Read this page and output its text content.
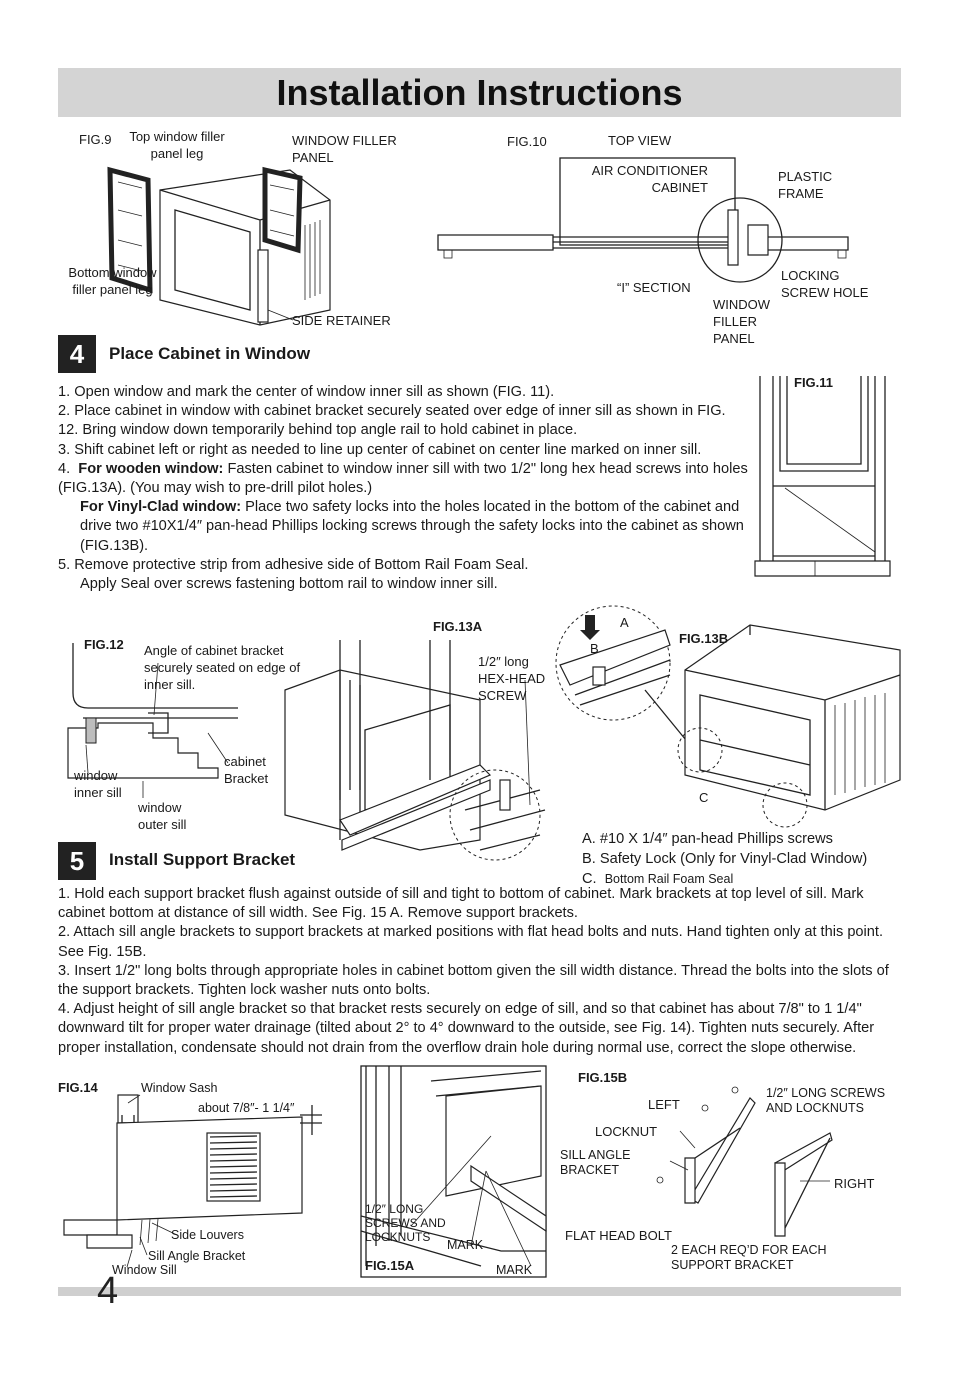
Installation Instructions
FIG.9	Top window filler panel leg
WINDOW FILLER PANEL
Bottom window filler panel leg
SIDE RETAINER
FIG.10	TOP VIEW
AIR CONDITIONER CABINET
PLASTIC FRAME
LOCKING SCREW HOLE
“I” SECTION
WINDOW FILLER PANEL
4	Place Cabinet in Window

1. Open window and mark the center of window inner sill as shown (FIG. 11).

2. Place cabinet in window with cabinet bracket securely seated over edge of inner sill as shown in FIG. 12. Bring window down temporarily behind top angle rail to hold cabinet in place.

3. Shift cabinet left or right as needed to line up center of cabinet on center line marked on inner sill.

4.  For wooden window: Fasten cabinet to window inner sill with two 1/2" long hex head screws into holes (FIG.13A). (You may wish to pre-drill pilot holes.)

For Vinyl-Clad window: Place two safety locks into the holes located in the bottom of the cabinet and drive two #10X1/4″ pan-head Phillips locking screws through the safety locks into the cabinet as shown (FIG.13B).

5. Remove protective strip from adhesive side of Bottom Rail Foam Seal.

Apply Seal over screws fastening bottom rail to window inner sill.

FIG.11
FIG.12 Angle of cabinet bracket securely seated on edge of inner sill.
cabinet Bracket
window inner sill
window outer sill
FIG.13A
1/2″ long HEX-HEAD SCREW
A
B
FIG.13B
C
A. #10 X 1/4″ pan-head Phillips screws
B. Safety Lock (Only for Vinyl-Clad Window)
C. Bottom Rail Foam Seal
5	Install Support Bracket

1. Hold each support bracket flush against outside of sill and tight to bottom of cabinet. Mark brackets at top level of sill. Mark cabinet bottom at distance of sill width. See Fig. 15 A. Remove support brackets.

2. Attach sill angle brackets to support brackets at marked positions with flat head bolts and nuts. Hand tighten only at this point. See Fig. 15B.

3. Insert 1/2" long bolts through appropriate holes in cabinet bottom given the sill width distance. Thread the bolts into the slots of the support brackets. Tighten lock washer nuts onto bolts.

4. Adjust height of sill angle bracket so that bracket rests securely on edge of sill, and so that cabinet has about 7/8" to 1 1/4" downward tilt for proper water drainage (tilted about 2° to 4° downward to the outside, see Fig. 14). Tighten nuts securely. After proper installation, condensate should not drain from the overflow drain hole during normal use, correct the slope otherwise.

FIG.14	Window Sash
about 7/8″- 1 1/4″
Side Louvers
Sill Angle Bracket
Window Sill
1/2″ LONG SCREWS AND LOCKNUTS
MARK
FIG.15A	MARK
FIG.15B
LEFT
1/2″ LONG SCREWS AND LOCKNUTS
LOCKNUT
SILL ANGLE BRACKET
RIGHT
FLAT HEAD BOLT
2 EACH REQ’D FOR EACH SUPPORT BRACKET
4
